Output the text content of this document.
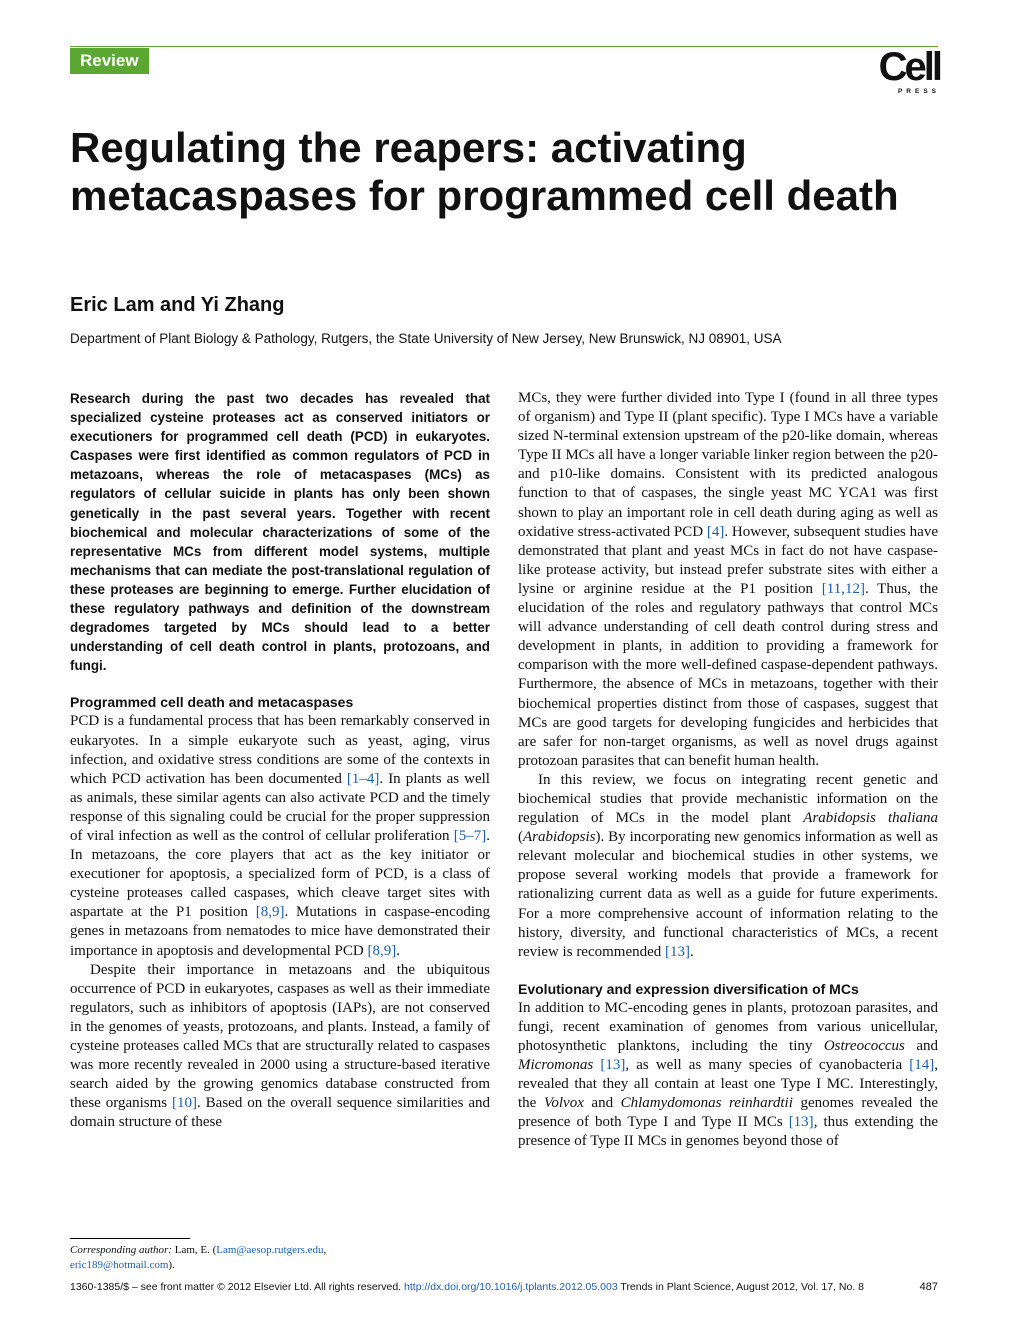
Review	Cell
PRESS
Regulating the reapers: activating metacaspases for programmed cell death

Eric Lam and Yi Zhang

Department of Plant Biology & Pathology, Rutgers, the State University of New Jersey, New Brunswick, NJ 08901, USA

Research during the past two decades has revealed that specialized cysteine proteases act as conserved initiators or executioners for programmed cell death (PCD) in eukaryotes. Caspases were first identified as common regulators of PCD in metazoans, whereas the role of metacaspases (MCs) as regulators of cellular suicide in plants has only been shown genetically in the past several years. Together with recent biochemical and molecular characterizations of some of the representative MCs from different model systems, multiple mechanisms that can mediate the post-translational regulation of these proteases are beginning to emerge. Further elucidation of these regulatory pathways and definition of the downstream degradomes targeted by MCs should lead to a better understanding of cell death control in plants, protozoans, and fungi.

Programmed cell death and metacaspases

PCD is a fundamental process that has been remarkably conserved in eukaryotes. In a simple eukaryote such as yeast, aging, virus infection, and oxidative stress conditions are some of the contexts in which PCD activation has been documented [1–4]. In plants as well as animals, these similar agents can also activate PCD and the timely response of this signaling could be crucial for the proper suppression of viral infection as well as the control of cellular proliferation [5–7]. In metazoans, the core players that act as the key initiator or executioner for apoptosis, a specialized form of PCD, is a class of cysteine proteases called caspases, which cleave target sites with aspartate at the P1 position [8,9]. Mutations in caspase-encoding genes in metazoans from nematodes to mice have demonstrated their importance in apoptosis and developmental PCD [8,9].

Despite their importance in metazoans and the ubiquitous occurrence of PCD in eukaryotes, caspases as well as their immediate regulators, such as inhibitors of apoptosis (IAPs), are not conserved in the genomes of yeasts, protozoans, and plants. Instead, a family of cysteine proteases called MCs that are structurally related to caspases was more recently revealed in 2000 using a structure-based iterative search aided by the growing genomics database constructed from these organisms [10]. Based on the overall sequence similarities and domain structure of these

MCs, they were further divided into Type I (found in all three types of organism) and Type II (plant specific). Type I MCs have a variable sized N-terminal extension upstream of the p20-like domain, whereas Type II MCs all have a longer variable linker region between the p20- and p10-like domains. Consistent with its predicted analogous function to that of caspases, the single yeast MC YCA1 was first shown to play an important role in cell death during aging as well as oxidative stress-activated PCD [4]. However, subsequent studies have demonstrated that plant and yeast MCs in fact do not have caspase-like protease activity, but instead prefer substrate sites with either a lysine or arginine residue at the P1 position [11,12]. Thus, the elucidation of the roles and regulatory pathways that control MCs will advance understanding of cell death control during stress and development in plants, in addition to providing a framework for comparison with the more well-defined caspase-dependent pathways. Furthermore, the absence of MCs in metazoans, together with their biochemical properties distinct from those of caspases, suggest that MCs are good targets for developing fungicides and herbicides that are safer for non-target organisms, as well as novel drugs against protozoan parasites that can benefit human health.

In this review, we focus on integrating recent genetic and biochemical studies that provide mechanistic information on the regulation of MCs in the model plant Arabidopsis thaliana (Arabidopsis). By incorporating new genomics information as well as relevant molecular and biochemical studies in other systems, we propose several working models that provide a framework for rationalizing current data as well as a guide for future experiments. For a more comprehensive account of information relating to the history, diversity, and functional characteristics of MCs, a recent review is recommended [13].

Evolutionary and expression diversification of MCs

In addition to MC-encoding genes in plants, protozoan parasites, and fungi, recent examination of genomes from various unicellular, photosynthetic planktons, including the tiny Ostreococcus and Micromonas [13], as well as many species of cyanobacteria [14], revealed that they all contain at least one Type I MC. Interestingly, the Volvox and Chlamydomonas reinhardtii genomes revealed the presence of both Type I and Type II MCs [13], thus extending the presence of Type II MCs in genomes beyond those of

Corresponding author: Lam, E. (Lam@aesop.rutgers.edu,
eric189@hotmail.com).
1360-1385/$ – see front matter © 2012 Elsevier Ltd. All rights reserved. http://dx.doi.org/10.1016/j.tplants.2012.05.003 Trends in Plant Science, August 2012, Vol. 17, No. 8	487
